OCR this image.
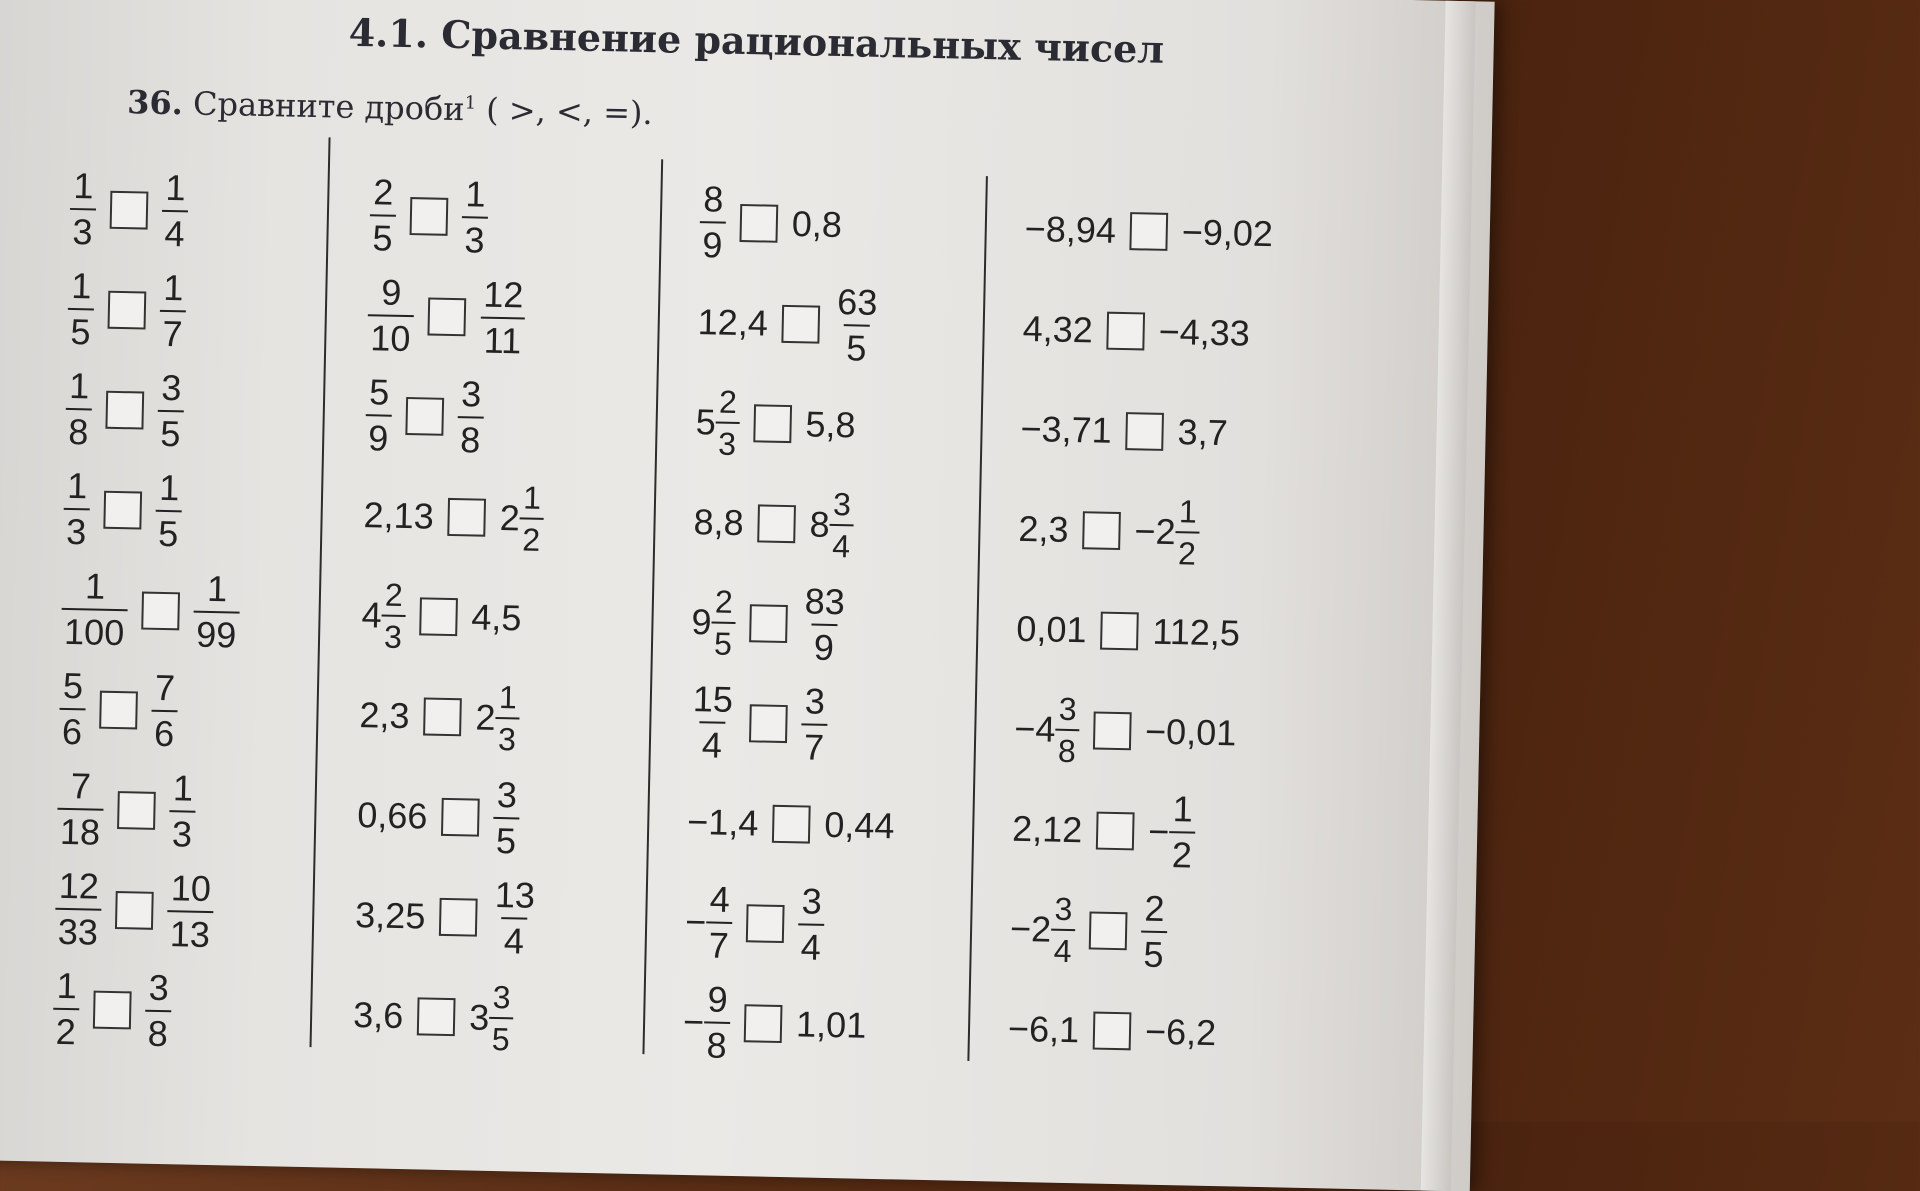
4.1. Сравнение рациональных чисел
36. Сравните дроби$^1$ ( >, <, =).
$\frac{1}{3} \frac{1}{4}$
$\frac{1}{5} \frac{1}{7}$
$\frac{1}{8} \frac{3}{5}$
$\frac{1}{3} \frac{1}{5}$
$\frac{1}{100} \frac{1}{99}$
$\frac{5}{6} \frac{7}{6}$
$\frac{7}{18} \frac{1}{3}$
$\frac{12}{33} \frac{10}{13}$
$\frac{1}{2} \frac{3}{8}$
$\frac{2}{5} \frac{1}{3}$
$\frac{9}{10} \frac{12}{11}$
$\frac{5}{9} \frac{3}{8}$
2,13 2
$\frac{1}{2}$
4
$\frac{2}{3} 4,5$
2,3 2
$\frac{1}{3}$
$0,66 \frac{3}{5}$
$3,25 \frac{13}{4}$
3,6 3
$\frac{3}{5}$
$\frac{8}{9} 0,8$
$12,4 \frac{63}{5}$
5
$\frac{2}{3} 5,8$
8,8 8
$\frac{3}{4}$
9
$\frac{2}{5} \frac{83}{9}$
$\frac{15}{4} \frac{3}{7}$
−1,4 0,44
−
$\frac{4}{7} \frac{3}{4}$
−
$\frac{9}{8} 1,01$
−8,94 −9,02
4,32 −4,33
−3,71 3,7
2,3 − 2
$\frac{1}{2}$
0,01 112,5
− 4
$\frac{3}{8} -0,01$
2,12 −
$\frac{1}{2}$
− 2
$\frac{3}{4} \frac{2}{5}$
−6,1 −6,2
